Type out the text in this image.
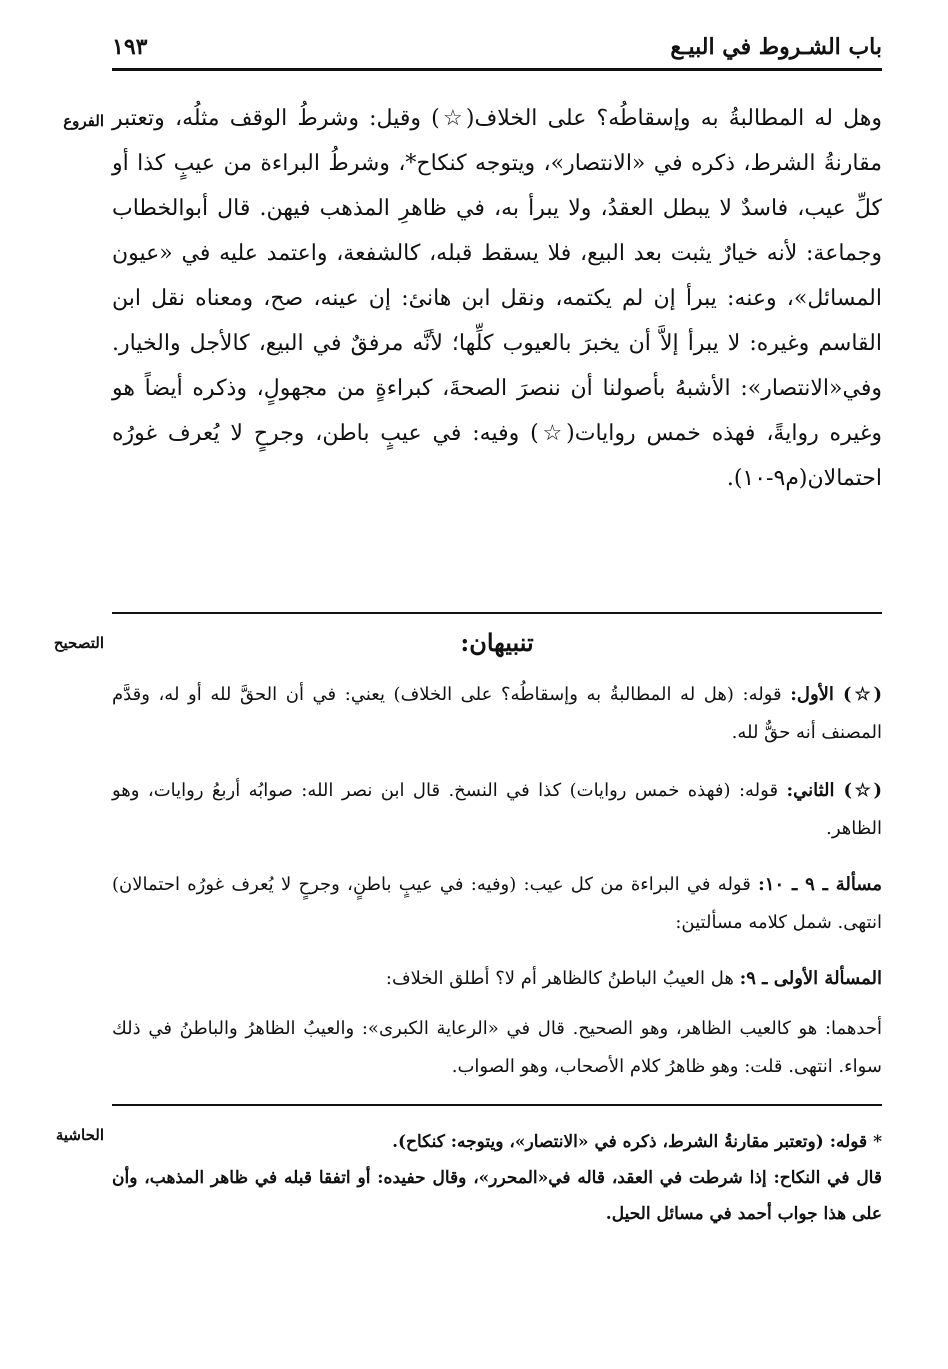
باب الشـروط في البيـع
١٩٣
الفروع وهل له المطالبةُ به وإسقاطُه؟ على الخلاف(☆) وقيل: وشرطُ الوقف مثلُه، وتعتبر مقارنةُ الشرط، ذكره في «الانتصار»، ويتوجه كنكاح*، وشرطُ البراءة من عيبٍ كذا أو كلِّ عيب، فاسدٌ لا يبطل العقدُ، ولا يبرأ به، في ظاهرِ المذهب فيهن. قال أبوالخطاب وجماعة: لأنه خيارٌ يثبت بعد البيع، فلا يسقط قبله، كالشفعة، واعتمد عليه في «عيون المسائل»، وعنه: يبرأ إن لم يكتمه، ونقل ابن هانئ: إن عينه، صح، ومعناه نقل ابن القاسم وغيره: لا يبرأ إلاَّ أن يخبرَ بالعيوب كلِّها؛ لأنَّه مرفقٌ في البيع، كالأجل والخيار. وفي«الانتصار»: الأشبهُ بأصولنا أن ننصرَ الصحةَ، كبراءةٍ من مجهولٍ، وذكره أيضاً هو وغيره روايةً، فهذه خمس روايات(☆) وفيه: في عيبٍ باطن، وجرحٍ لا يُعرف غورُه احتمالان(م٩-١٠).
التصحيح	تنبيهان:

(☆) الأول: قوله: (هل له المطالبةُ به وإسقاطُه؟ على الخلاف) يعني: في أن الحقَّ لله أو له، وقدَّم المصنف أنه حقٌّ لله.

(☆) الثاني: قوله: (فهذه خمس روايات) كذا في النسخ. قال ابن نصر الله: صوابُه أربعُ روايات، وهو الظاهر.

مسألة ـ ٩ ـ ١٠: قوله في البراءة من كل عيب: (وفيه: في عيبٍ باطنٍ، وجرحٍ لا يُعرف غورُه احتمالان) انتهى. شمل كلامه مسألتين:

المسألة الأولى ـ ٩: هل العيبُ الباطنُ كالظاهر أم لا؟ أطلق الخلاف:

أحدهما: هو كالعيب الظاهر، وهو الصحيح. قال في «الرعاية الكبرى»: والعيبُ الظاهرُ والباطنُ في ذلك سواء. انتهى. قلت: وهو ظاهرُ كلام الأصحاب، وهو الصواب.

الحاشية	* قوله: (وتعتبر مقارنةُ الشرط، ذكره في «الانتصار»، ويتوجه: كنكاح).

قال في النكاح: إذا شرطت في العقد، قاله في«المحرر»، وقال حفيده: أو اتفقا قبله في ظاهر المذهب، وأن على هذا جواب أحمد في مسائل الحيل.
